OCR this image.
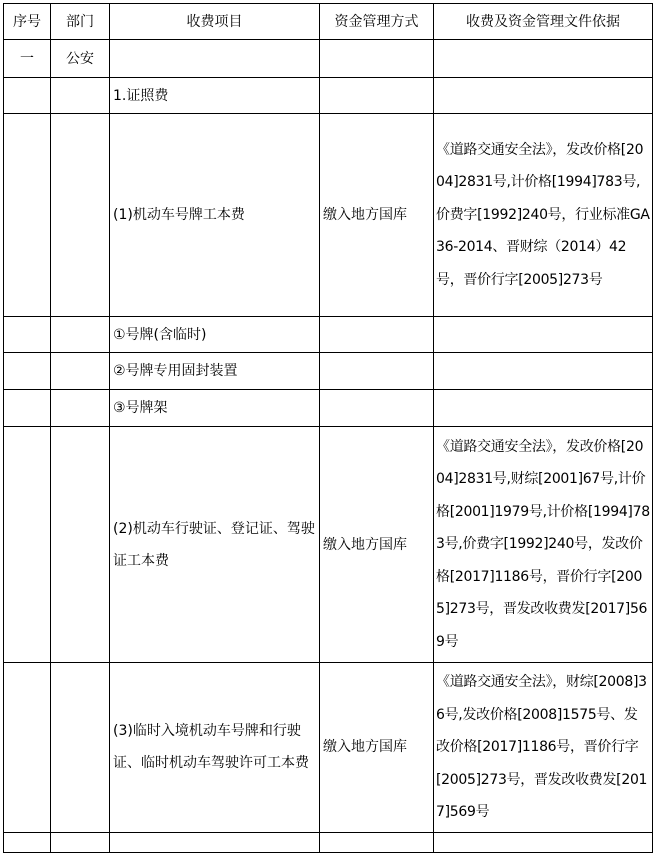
序号	部门	收费项目	资金管理方式	收费及资金管理文件依据
一	公安			
		1.证照费		
		(1)机动车号牌工本费	缴入地方国库	《道路交通安全法》，发改价格[2004]2831号,计价格[1994]783号,价费字[1992]240号，行业标准GA36-2014、晋财综（2014）42号，晋价行字[2005]273号
		①号牌(含临时)		
		②号牌专用固封装置		
		③号牌架		
		(2)机动车行驶证、登记证、驾驶证工本费	缴入地方国库	《道路交通安全法》，发改价格[2004]2831号,财综[2001]67号,计价格[2001]1979号,计价格[1994]783号,价费字[1992]240号，发改价格[2017]1186号，晋价行字[2005]273号，晋发改收费发[2017]569号
		(3)临时入境机动车号牌和行驶证、临时机动车驾驶许可工本费	缴入地方国库	《道路交通安全法》，财综[2008]36号,发改价格[2008]1575号、发改价格[2017]1186号，晋价行字[2005]273号，晋发改收费发[2017]569号
